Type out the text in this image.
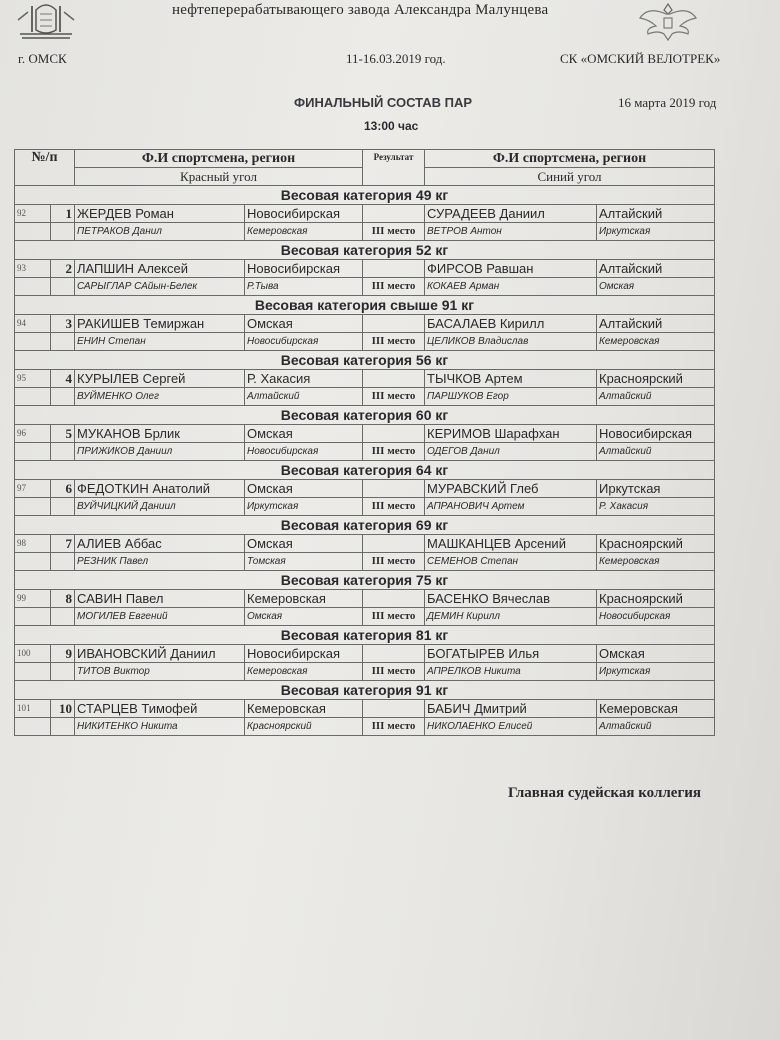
нефтеперерабатывающего завода Александра Малунцева
г. ОМСК	11-16.03.2019 год.	СК «ОМСКИЙ ВЕЛОТРЕК»
ФИНАЛЬНЫЙ СОСТАВ ПАР	16 марта 2019 год
13:00 час
№/п		Ф.И спортсмена, регион		Результат	Ф.И спортсмена, регион	
		Красный угол			Синий угол	
Весовая категория 49 кг						
92	1	ЖЕРДЕВ Роман	Новосибирская		СУРАДЕЕВ Даниил	Алтайский
		ПЕТРАКОВ Данил	Кемеровская	III место	ВЕТРОВ Антон	Иркутская
Весовая категория 52 кг						
93	2	ЛАПШИН Алексей	Новосибирская		ФИРСОВ Равшан	Алтайский
		САРЫГЛАР САйын-Белек	Р.Тыва	III место	КОКАЕВ Арман	Омская
Весовая категория свыше 91 кг						
94	3	РАКИШЕВ Темиржан	Омская		БАСАЛАЕВ Кирилл	Алтайский
		ЕНИН Степан	Новосибирская	III место	ЦЕЛИКОВ Владислав	Кемеровская
Весовая категория 56 кг						
95	4	КУРЫЛЕВ Сергей	Р. Хакасия		ТЫЧКОВ Артем	Красноярский
		ВУЙМЕНКО Олег	Алтайский	III место	ПАРШУКОВ Егор	Алтайский
Весовая категория 60 кг						
96	5	МУКАНОВ Брлик	Омская		КЕРИМОВ Шарафхан	Новосибирская
		ПРИЖИКОВ Даниил	Новосибирская	III место	ОДЕГОВ Данил	Алтайский
Весовая категория 64 кг						
97	6	ФЕДОТКИН Анатолий	Омская		МУРАВСКИЙ Глеб	Иркутская
		ВУЙЧИЦКИЙ Даниил	Иркутская	III место	АПРАНОВИЧ Артем	Р. Хакасия
Весовая категория 69 кг						
98	7	АЛИЕВ Аббас	Омская		МАШКАНЦЕВ Арсений	Красноярский
		РЕЗНИК Павел	Томская	III место	СЕМЕНОВ Степан	Кемеровская
Весовая категория 75 кг						
99	8	САВИН Павел	Кемеровская		БАСЕНКО Вячеслав	Красноярский
		МОГИЛЕВ Евгений	Омская	III место	ДЕМИН Кирилл	Новосибирская
Весовая категория 81 кг						
100	9	ИВАНОВСКИЙ Даниил	Новосибирская		БОГАТЫРЕВ Илья	Омская
		ТИТОВ Виктор	Кемеровская	III место	АПРЕЛКОВ Никита	Иркутская
Весовая категория 91 кг						
101	10	СТАРЦЕВ Тимофей	Кемеровская		БАБИЧ Дмитрий	Кемеровская
		НИКИТЕНКО Никита	Красноярский	III место	НИКОЛАЕНКО Елисей	Алтайский
Главная судейская коллегия
